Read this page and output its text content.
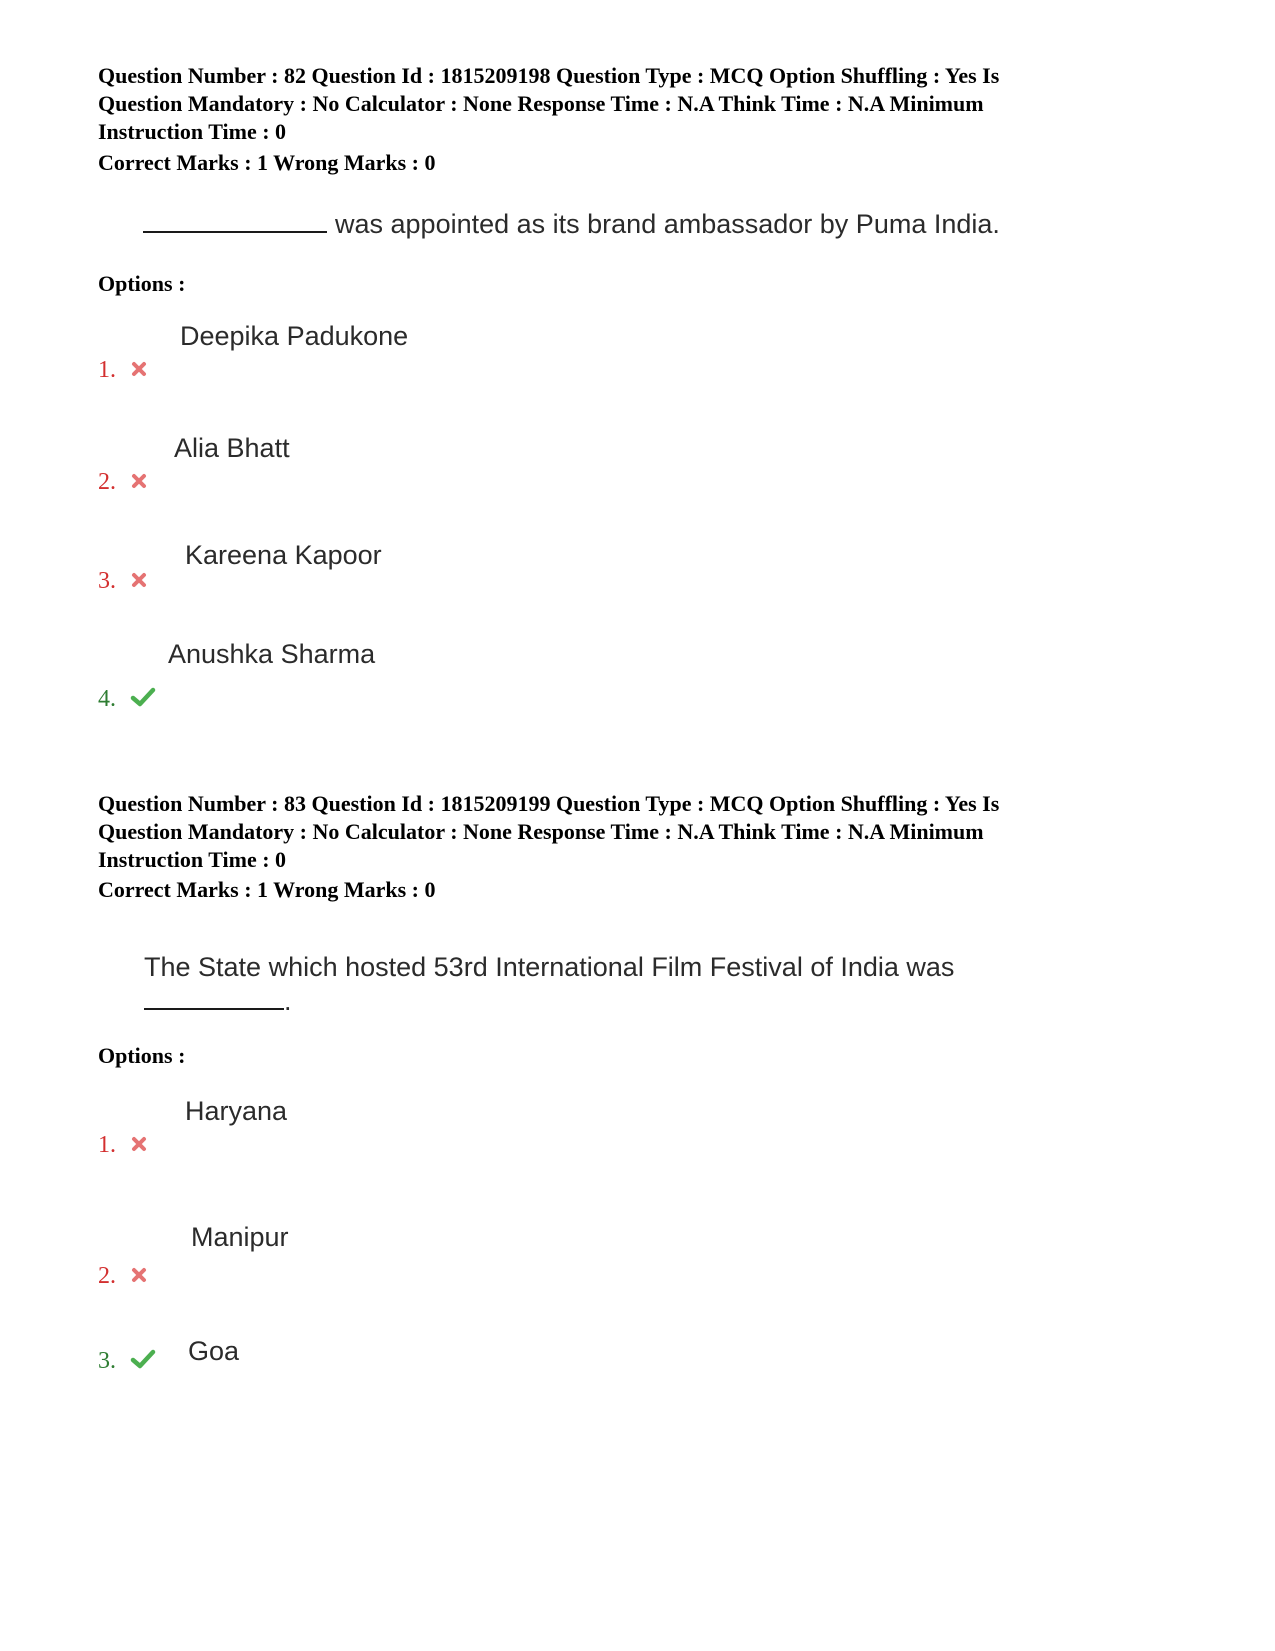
Question Number : 82 Question Id : 1815209198 Question Type : MCQ Option Shuffling : Yes Is
Question Mandatory : No Calculator : None Response Time : N.A Think Time : N.A Minimum
Instruction Time : 0
Correct Marks : 1 Wrong Marks : 0
was appointed as its brand ambassador by Puma India.
Options :
Deepika Padukone
1.
Alia Bhatt
2.
Kareena Kapoor
3.
Anushka Sharma
4.
Question Number : 83 Question Id : 1815209199 Question Type : MCQ Option Shuffling : Yes Is
Question Mandatory : No Calculator : None Response Time : N.A Think Time : N.A Minimum
Instruction Time : 0
Correct Marks : 1 Wrong Marks : 0
The State which hosted 53rd International Film Festival of India was
.
Options :
Haryana
1.
Manipur
2.
Goa
3.
